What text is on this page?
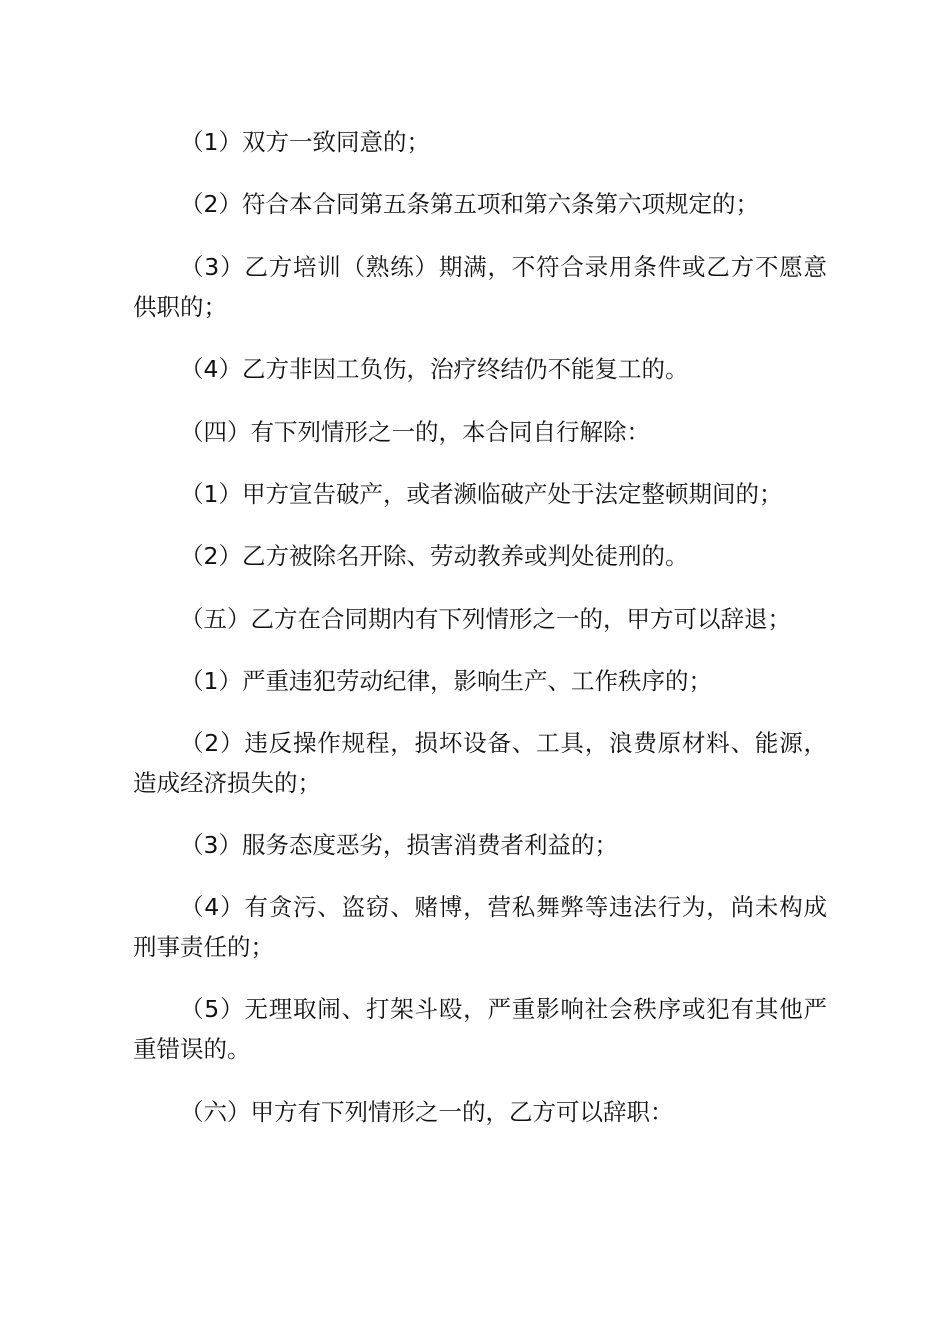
（1）双方一致同意的；

（2）符合本合同第五条第五项和第六条第六项规定的；

（3）乙方培训（熟练）期满，不符合录用条件或乙方不愿意供职的；

（4）乙方非因工负伤，治疗终结仍不能复工的。

（四）有下列情形之一的，本合同自行解除：

（1）甲方宣告破产，或者濒临破产处于法定整顿期间的；

（2）乙方被除名开除、劳动教养或判处徒刑的。

（五）乙方在合同期内有下列情形之一的，甲方可以辞退；

（1）严重违犯劳动纪律，影响生产、工作秩序的；

（2）违反操作规程，损坏设备、工具，浪费原材料、能源，造成经济损失的；

（3）服务态度恶劣，损害消费者利益的；

（4）有贪污、盗窃、赌博，营私舞弊等违法行为，尚未构成刑事责任的；

（5）无理取闹、打架斗殴，严重影响社会秩序或犯有其他严重错误的。

（六）甲方有下列情形之一的，乙方可以辞职：
